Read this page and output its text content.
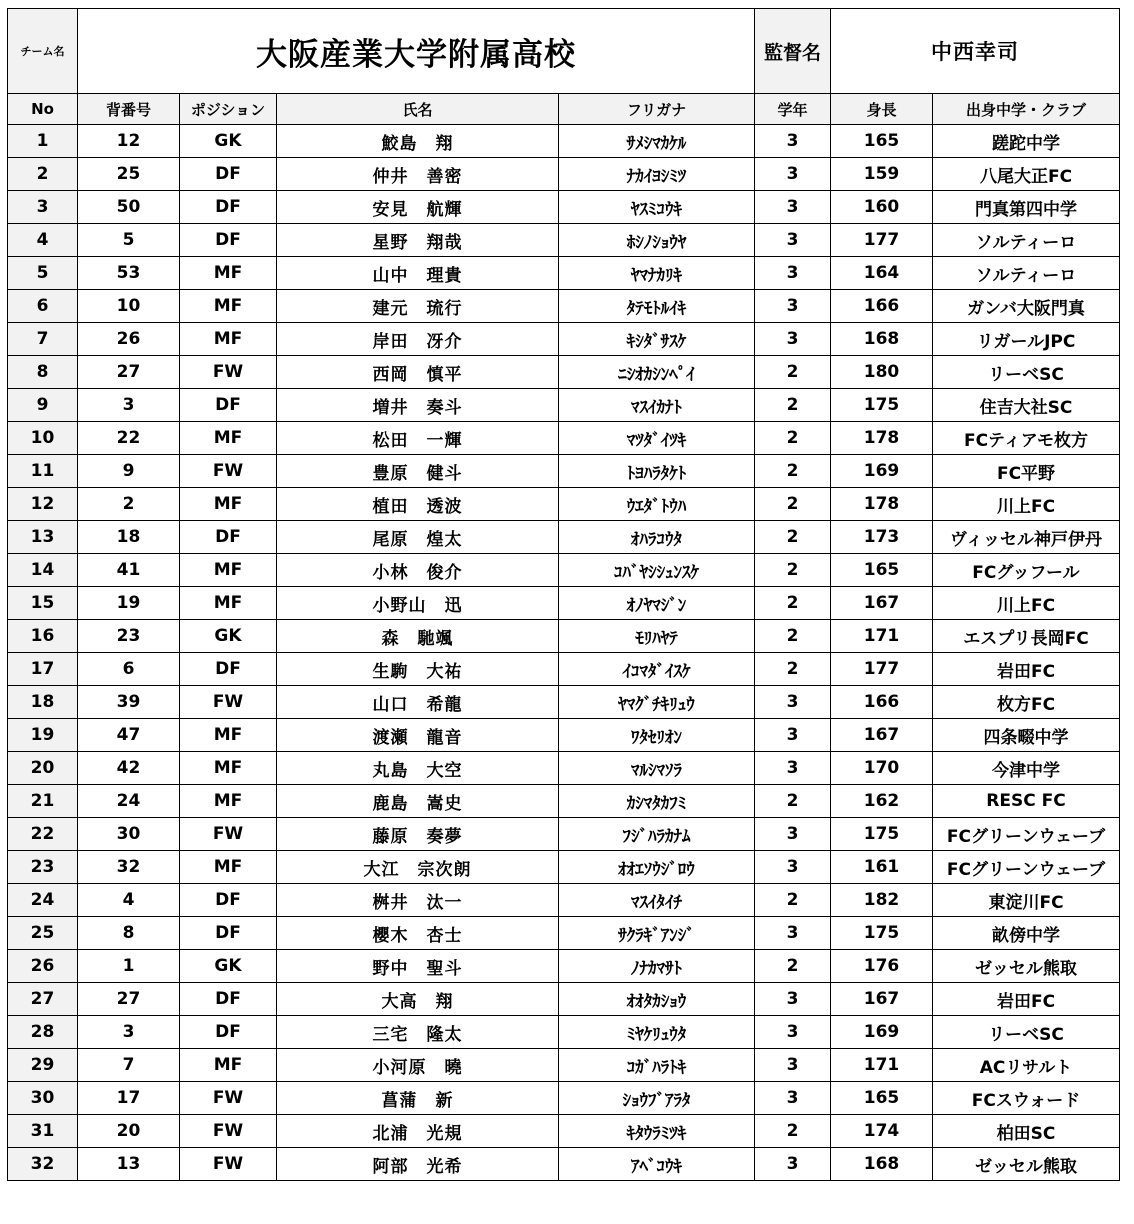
チーム名	大阪産業大学附属高校				監督名	中西幸司	
No	背番号	ポジション	氏名	フリガナ	学年	身長	出身中学・クラブ
1	12	GK	鮫島　翔	ｻﾒｼﾏｶｹﾙ	3	165	蹉跎中学
2	25	DF	仲井　善密	ﾅｶｲﾖｼﾐﾂ	3	159	八尾大正FC
3	50	DF	安見　航輝	ﾔｽﾐｺｳｷ	3	160	門真第四中学
4	5	DF	星野　翔哉	ﾎｼﾉｼｮｳﾔ	3	177	ソルティーロ
5	53	MF	山中　理貴	ﾔﾏﾅｶﾘｷ	3	164	ソルティーロ
6	10	MF	建元　琉行	ﾀﾃﾓﾄﾙｲｷ	3	166	ガンバ大阪門真
7	26	MF	岸田　冴介	ｷｼﾀﾞｻｽｹ	3	168	リガールJPC
8	27	FW	西岡　慎平	ﾆｼｵｶｼﾝﾍﾟｲ	2	180	リーベSC
9	3	DF	増井　奏斗	ﾏｽｲｶﾅﾄ	2	175	住吉大社SC
10	22	MF	松田　一輝	ﾏﾂﾀﾞｲﾂｷ	2	178	FCティアモ枚方
11	9	FW	豊原　健斗	ﾄﾖﾊﾗﾀｹﾄ	2	169	FC平野
12	2	MF	植田　透波	ｳｴﾀﾞﾄｳﾊ	2	178	川上FC
13	18	DF	尾原　煌太	ｵﾊﾗｺｳﾀ	2	173	ヴィッセル神戸伊丹
14	41	MF	小林　俊介	ｺﾊﾞﾔｼｼｭﾝｽｹ	2	165	FCグッフール
15	19	MF	小野山　迅	ｵﾉﾔﾏｼﾞﾝ	2	167	川上FC
16	23	GK	森　馳颯	ﾓﾘﾊﾔﾃ	2	171	エスプリ長岡FC
17	6	DF	生駒　大祐	ｲｺﾏﾀﾞｲｽｹ	2	177	岩田FC
18	39	FW	山口　希龍	ﾔﾏｸﾞﾁｷﾘｭｳ	3	166	枚方FC
19	47	MF	渡瀬　龍音	ﾜﾀｾﾘｵﾝ	3	167	四条畷中学
20	42	MF	丸島　大空	ﾏﾙｼﾏｿﾗ	3	170	今津中学
21	24	MF	鹿島　嵩史	ｶｼﾏﾀｶﾌﾐ	2	162	RESC FC
22	30	FW	藤原　奏夢	ﾌｼﾞﾊﾗｶﾅﾑ	3	175	FCグリーンウェーブ
23	32	MF	大江　宗次朗	ｵｵｴｿｳｼﾞﾛｳ	3	161	FCグリーンウェーブ
24	4	DF	桝井　汰一	ﾏｽｲﾀｲﾁ	2	182	東淀川FC
25	8	DF	櫻木　杏士	ｻｸﾗｷﾞｱﾝｼﾞ	3	175	畝傍中学
26	1	GK	野中　聖斗	ﾉﾅｶﾏｻﾄ	2	176	ゼッセル熊取
27	27	DF	大高　翔	ｵｵﾀｶｼｮｳ	3	167	岩田FC
28	3	DF	三宅　隆太	ﾐﾔｹﾘｭｳﾀ	3	169	リーベSC
29	7	MF	小河原　曉	ｺｶﾞﾊﾗﾄｷ	3	171	ACリサルト
30	17	FW	菖蒲　新	ｼｮｳﾌﾞｱﾗﾀ	3	165	FCスウォード
31	20	FW	北浦　光規	ｷﾀｳﾗﾐﾂｷ	2	174	柏田SC
32	13	FW	阿部　光希	ｱﾍﾞｺｳｷ	3	168	ゼッセル熊取
